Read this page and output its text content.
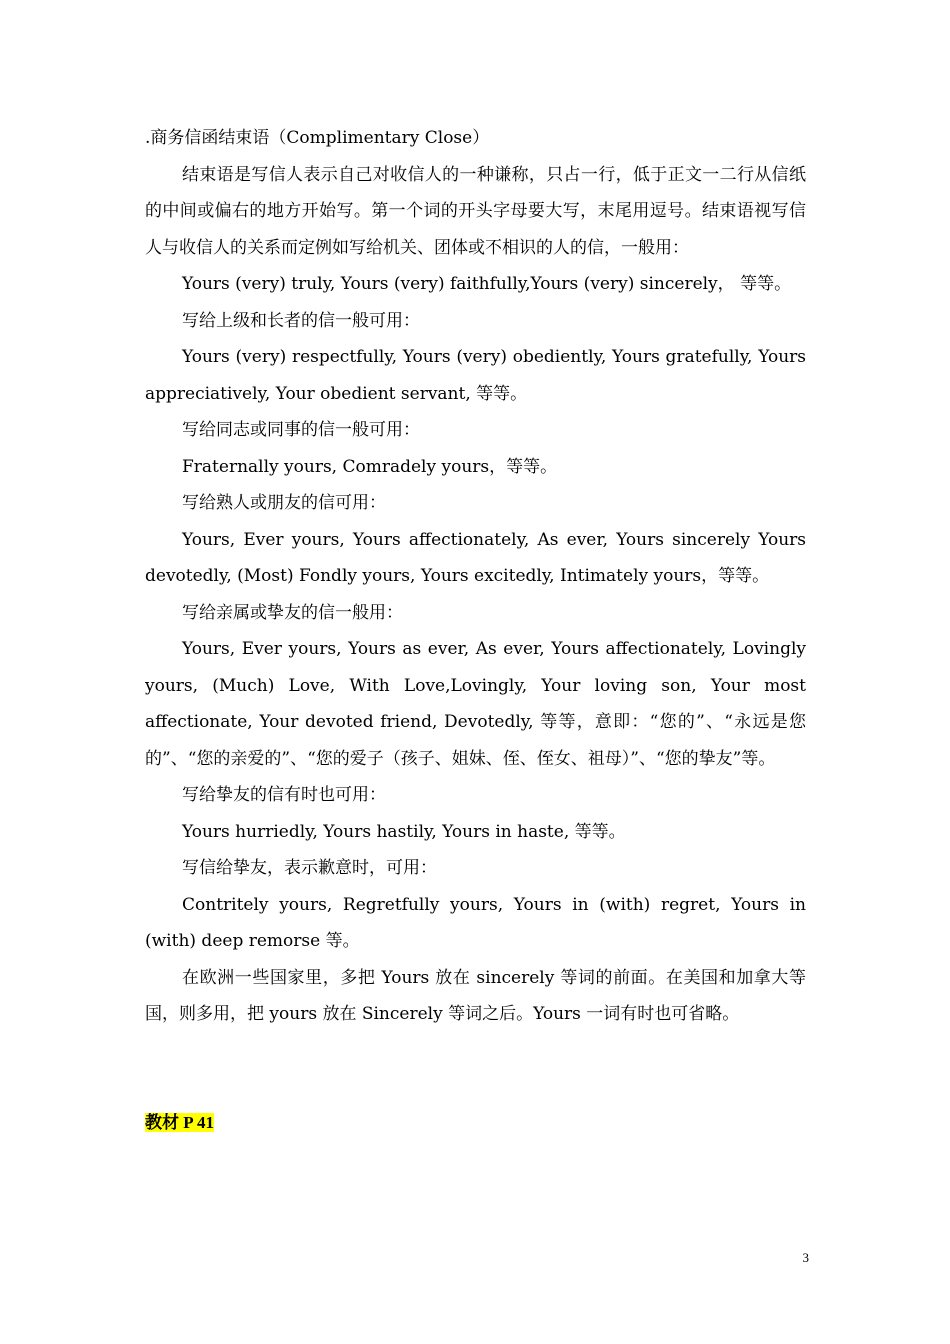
.商务信函结束语（Complimentary Close）

结束语是写信人表示自己对收信人的一种谦称，只占一行，低于正文一二行从信纸的中间或偏右的地方开始写。第一个词的开头字母要大写，末尾用逗号。结束语视写信人与收信人的关系而定例如写给机关、团体或不相识的人的信，一般用：

Yours (very) truly, Yours (very) faithfully,Yours (very) sincerely， 等等。

写给上级和长者的信一般可用：

Yours (very) respectfully, Yours (very) obediently, Yours gratefully, Yours appreciatively, Your obedient servant, 等等。

写给同志或同事的信一般可用：

Fraternally yours, Comradely yours，等等。

写给熟人或朋友的信可用：

Yours, Ever yours, Yours affectionately, As ever, Yours sincerely Yours devotedly, (Most) Fondly yours, Yours excitedly, Intimately yours，等等。

写给亲属或挚友的信一般用：

Yours, Ever yours, Yours as ever, As ever, Yours affectionately, Lovingly yours, (Much) Love, With Love,Lovingly, Your loving son, Your most affectionate, Your devoted friend, Devotedly, 等等，意即：“您的”、“永远是您的”、“您的亲爱的”、“您的爱子（孩子、姐妹、侄、侄女、祖母）”、“您的挚友”等。

写给挚友的信有时也可用：

Yours hurriedly, Yours hastily, Yours in haste, 等等。

写信给挚友，表示歉意时，可用：

Contritely yours, Regretfully yours, Yours in (with) regret, Yours in (with) deep remorse 等。

在欧洲一些国家里，多把 Yours 放在 sincerely 等词的前面。在美国和加拿大等国，则多用，把 yours 放在 Sincerely 等词之后。Yours 一词有时也可省略。

教材 P 41

3
